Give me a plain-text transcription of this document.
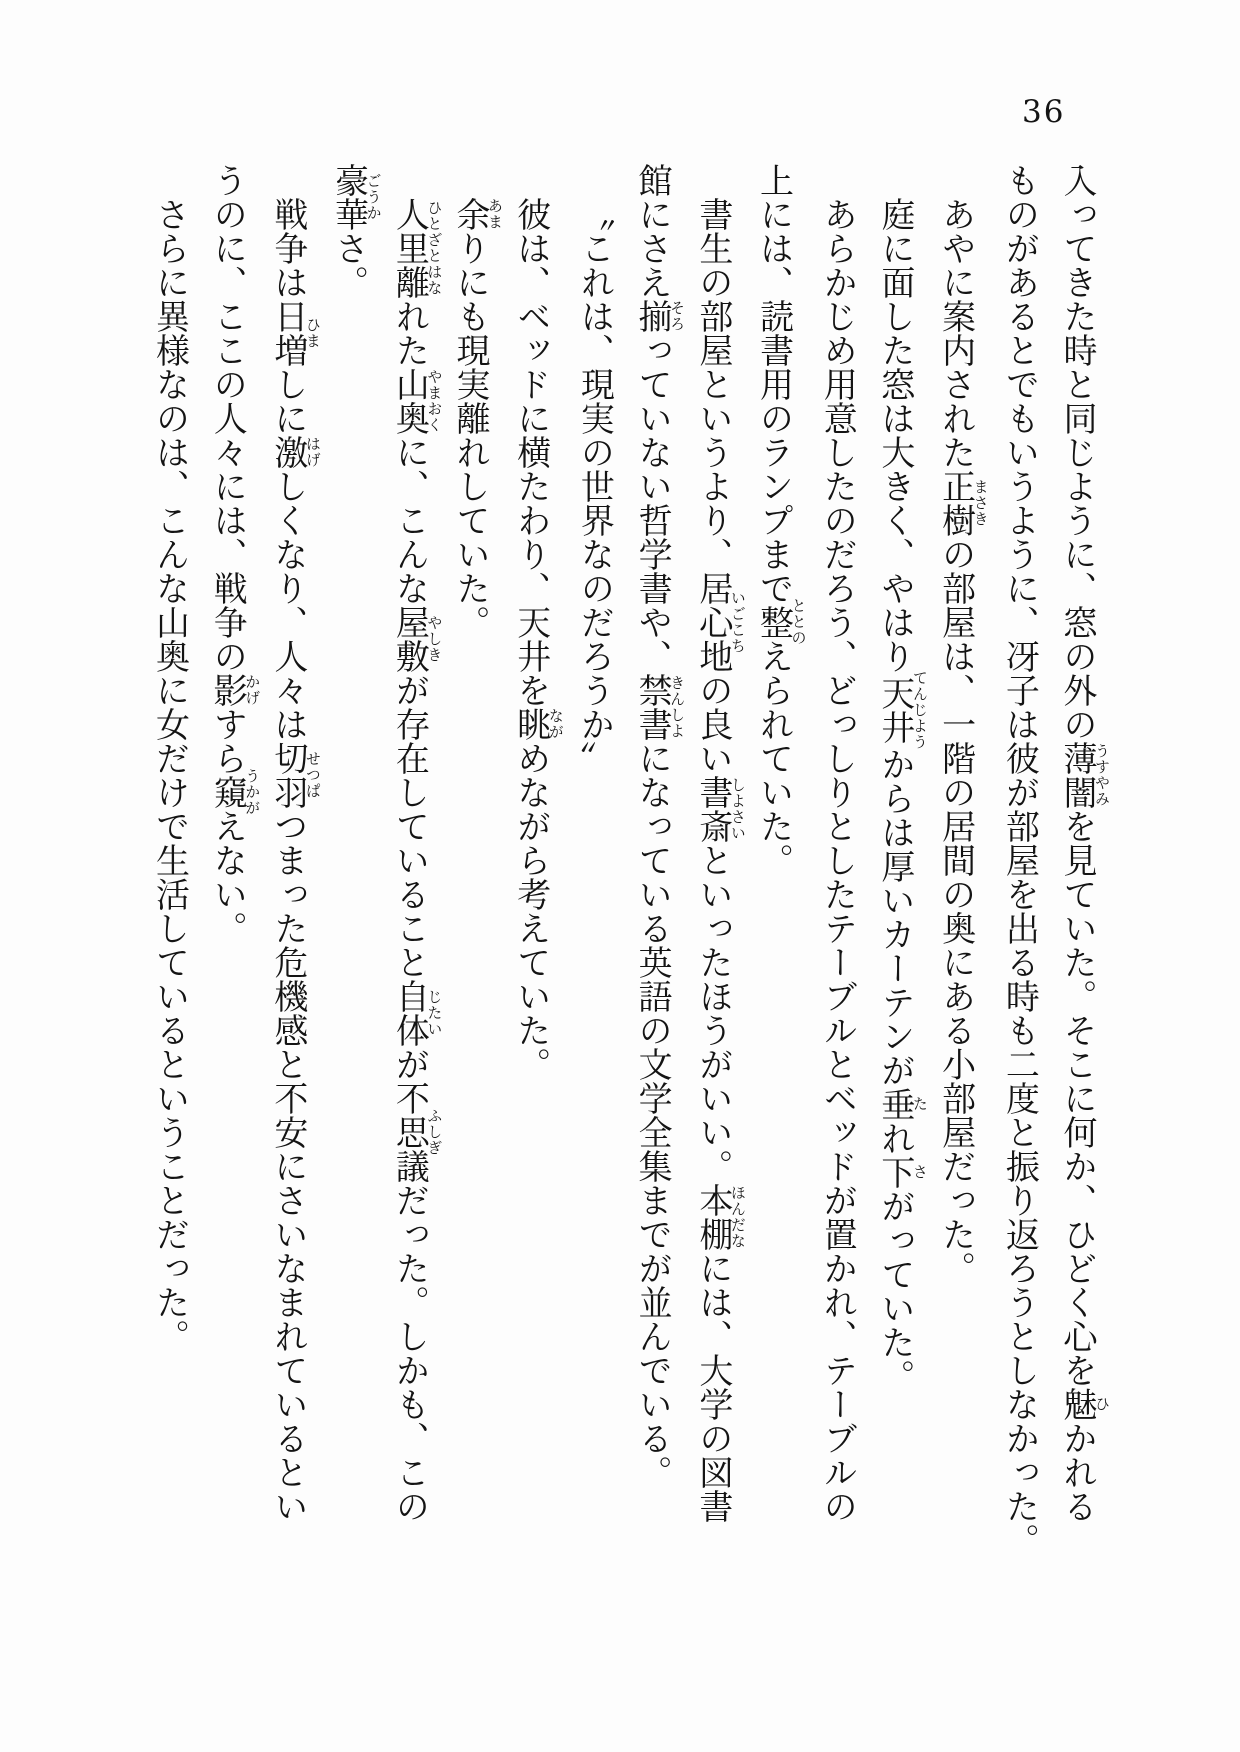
36
入ってきた時と同じように、窓の外の薄闇うすやみを見ていた。そこに何か、ひどく心を魅ひかれる
ものがあるとでもいうように、冴子は彼が部屋を出る時も二度と振り返ろうとしなかった。
あやに案内された正樹まさきの部屋は、一階の居間の奥にある小部屋だった。
庭に面した窓は大きく、やはり天井てんじようからは厚いカーテンが垂たれ下さがっていた。
あらかじめ用意したのだろう、どっしりとしたテーブルとベッドが置かれ、テーブルの
上には、読書用のランプまで整ととのえられていた。
書生の部屋というより、居心地いごこちの良い書斎しよさいといったほうがいい。本棚ほんだなには、大学の図書
館にさえ揃そろっていない哲学書や、禁書きんしよになっている英語の文学全集までが並んでいる。
〝これは、現実の世界なのだろうか〞
彼は、ベッドに横たわり、天井を眺ながめながら考えていた。
余あまりにも現実離れしていた。
人里離ひとざとはなれた山奥やまおくに、こんな屋敷やしきが存在していること自体じたいが不思議ふしぎだった。しかも、この
豪華ごうかさ。
戦争は日増ひましに激はげしくなり、人々は切羽せつぱつまった危機感と不安にさいなまれているとい
うのに、ここの人々には、戦争の影かげすら窺うかがえない。
さらに異様なのは、こんな山奥に女だけで生活しているということだった。
